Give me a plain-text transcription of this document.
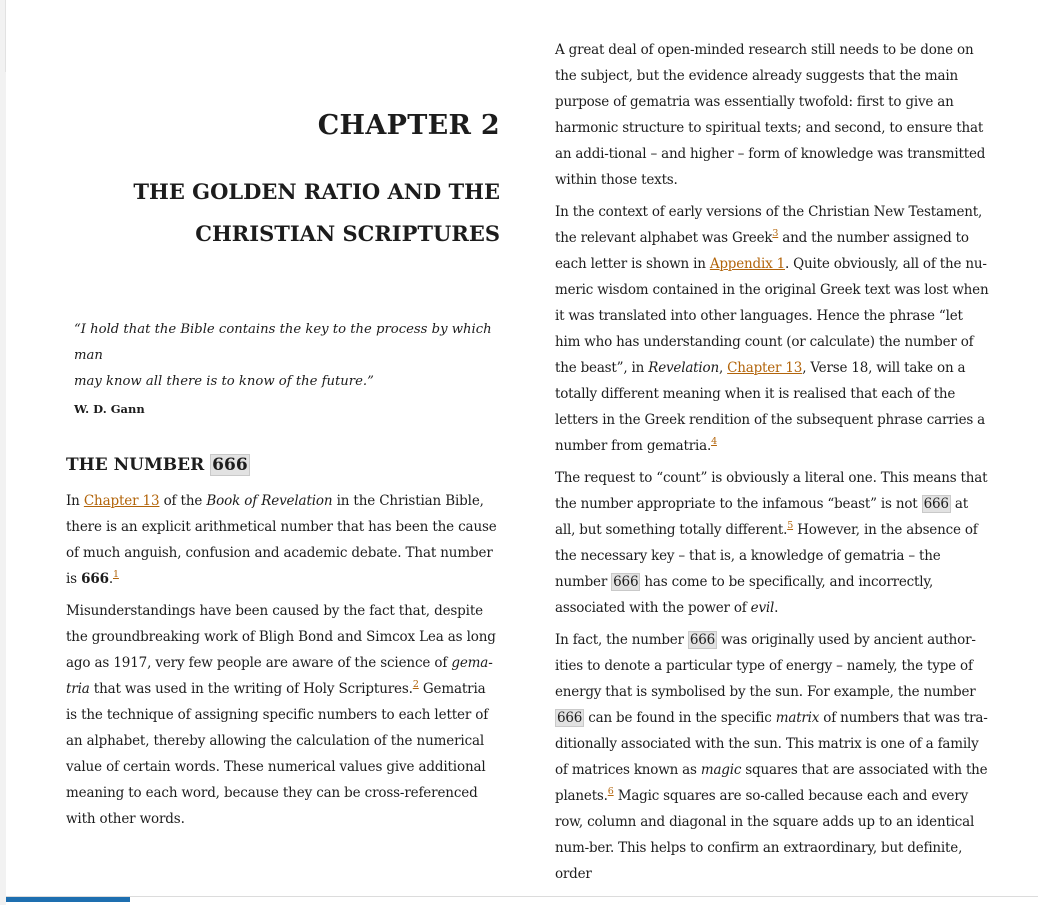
CHAPTER 2
THE GOLDEN RATIO AND THE
CHRISTIAN SCRIPTURES

“I hold that the Bible contains the key to the process by which man
may know all there is to know of the future.”

W. D. Gann

THE NUMBER 666

In Chapter 13 of the Book of Revelation in the Christian Bible, there is an explicit arithmetical number that has been the cause of much anguish, confusion and academic debate. That number is 666.$^1$

Misunderstandings have been caused by the fact that, despite the groundbreaking work of Bligh Bond and Simcox Lea as long ago as 1917, very few people are aware of the science of gema-
tria that was used in the writing of Holy Scriptures.$^2$ Gematria is the technique of assigning specific numbers to each letter of an alphabet, thereby allowing the calculation of the numerical value of certain words. These numerical values give additional meaning to each word, because they can be cross-referenced with other words.

A great deal of open-minded research still needs to be done on the subject, but the evidence already suggests that the main purpose of gematria was essentially twofold: first to give an harmonic structure to spiritual texts; and second, to ensure that an addi-tional – and higher – form of knowledge was transmitted within those texts.

In the context of early versions of the Christian New Testament, the relevant alphabet was Greek$^3$ and the number assigned to each letter is shown in Appendix 1. Quite obviously, all of the nu-meric wisdom contained in the original Greek text was lost when it was translated into other languages. Hence the phrase “let him who has understanding count (or calculate) the number of the beast”, in Revelation, Chapter 13, Verse 18, will take on a totally different meaning when it is realised that each of the letters in the Greek rendition of the subsequent phrase carries a number from gematria.$^4$

The request to “count” is obviously a literal one. This means that the number appropriate to the infamous “beast” is not 666 at all, but something totally different.$^5$ However, in the absence of the necessary key – that is, a knowledge of gematria – the number 666 has come to be specifically, and incorrectly, associated with the power of evil.

In fact, the number 666 was originally used by ancient author-ities to denote a particular type of energy – namely, the type of energy that is symbolised by the sun. For example, the number 666 can be found in the specific matrix of numbers that was tra-ditionally associated with the sun. This matrix is one of a family of matrices known as magic squares that are associated with the planets.$^6$ Magic squares are so-called because each and every row, column and diagonal in the square adds up to an identical num-ber. This helps to confirm an extraordinary, but definite, order
